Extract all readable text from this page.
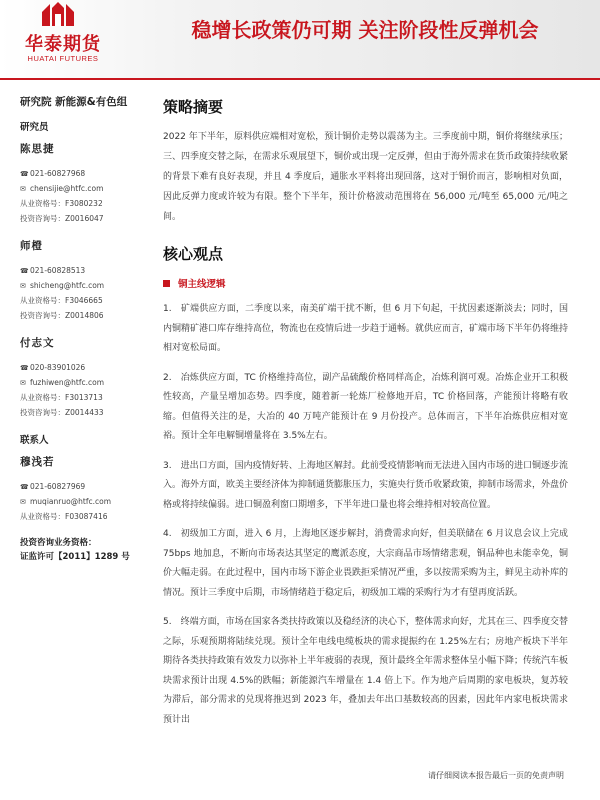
华泰期货
HUATAI FUTURES
稳增长政策仍可期 关注阶段性反弹机会
研究院 新能源&有色组
研究员
陈思捷
☎021-60827968
✉ chensijie@htfc.com
从业资格号：F3080232
投资咨询号：Z0016047
师橙
☎021-60828513
✉ shicheng@htfc.com
从业资格号：F3046665
投资咨询号：Z0014806
付志文
☎020-83901026
✉ fuzhiwen@htfc.com
从业资格号：F3013713
投资咨询号：Z0014433
联系人
穆浅若
☎021-60827969
✉ muqianruo@htfc.com
从业资格号：F03087416
投资咨询业务资格：
证监许可【2011】1289 号
策略摘要
2022 年下半年，原料供应端相对宽松，预计铜价走势以震荡为主。三季度前中期，铜价将继续承压；三、四季度交替之际，在需求乐观展望下，铜价或出现一定反弹，但由于海外需求在货币政策持续收紧的背景下难有良好表现，并且 4 季度后，通胀水平料将出现回落，这对于铜价而言，影响相对负面，因此反弹力度或许较为有限。整个下半年，预计价格波动范围将在 56,000 元/吨至 65,000 元/吨之间。
核心观点
铜主线逻辑
1.　矿端供应方面，二季度以来，南美矿端干扰不断，但 6 月下旬起，干扰因素逐渐淡去；同时，国内铜精矿港口库存维持高位，物流也在疫情后进一步趋于通畅。就供应而言，矿端市场下半年仍将维持相对宽松局面。
2.　冶炼供应方面，TC 价格维持高位，副产品硫酸价格同样高企，冶炼利润可观。冶炼企业开工积极性较高，产量呈增加态势。四季度，随着新一轮炼厂检修地开启，TC 价格回落，产能预计将略有收缩。但值得关注的是，大冶的 40 万吨产能预计在 9 月份投产。总体而言，下半年冶炼供应相对宽裕。预计全年电解铜增量将在 3.5%左右。
3.　进出口方面，国内疫情好转、上海地区解封。此前受疫情影响而无法进入国内市场的进口铜逐步流入。海外方面，欧美主要经济体为抑制通货膨胀压力，实施央行货币收紧政策，抑制市场需求，外盘价格或将持续偏弱。进口铜盈利窗口期增多，下半年进口量也将会维持相对较高位置。
4.　初级加工方面，进入 6 月，上海地区逐步解封，消费需求向好，但美联储在 6 月议息会议上完成 75bps 地加息，不断向市场表达其坚定的鹰派态度，大宗商品市场情绪悲观，铜品种也未能幸免，铜价大幅走弱。在此过程中，国内市场下游企业畏跌拒采情况严重，多以按需采购为主，鲜见主动补库的情况。预计三季度中后期，市场情绪趋于稳定后，初级加工端的采购行为才有望再度活跃。
5.　终端方面，市场在国家各类扶持政策以及稳经济的决心下，整体需求向好，尤其在三、四季度交替之际，乐观预期将陆续兑现。预计全年电线电缆板块的需求提振约在 1.25%左右；房地产板块下半年期待各类扶持政策有效发力以弥补上半年疲弱的表现，预计最终全年需求整体呈小幅下降；传统汽车板块需求预计出现 4.5%的跌幅；新能源汽车增量在 1.4 倍上下。作为地产后周期的家电板块，复苏较为滞后，部分需求的兑现将推迟到 2023 年，叠加去年出口基数较高的因素，因此年内家电板块需求预计出
请仔细阅读本报告最后一页的免责声明
